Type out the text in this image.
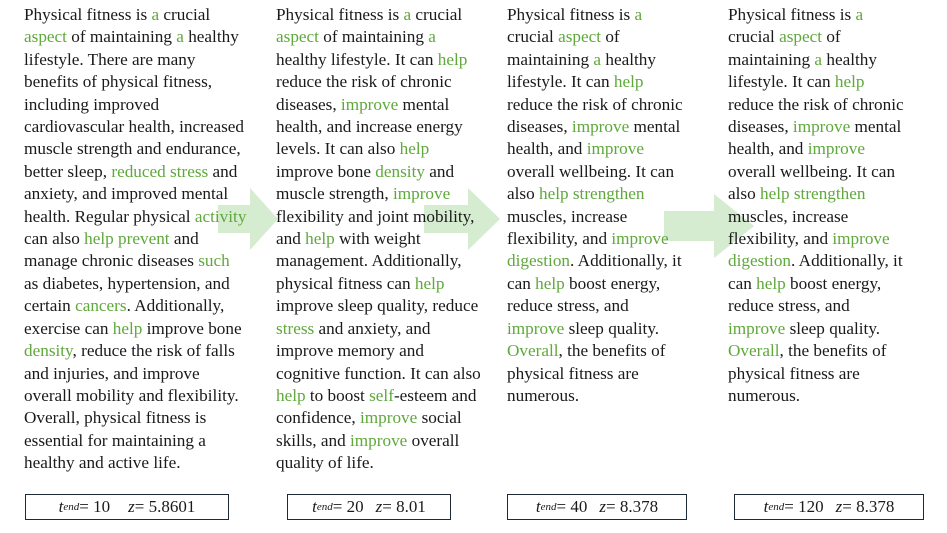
Physical fitness is a crucial
aspect of maintaining a healthy
lifestyle. There are many
benefits of physical fitness,
including improved
cardiovascular health, increased
muscle strength and endurance,
better sleep, reduced stress and
anxiety, and improved mental
health. Regular physical activity
can also help prevent and
manage chronic diseases such
as diabetes, hypertension, and
certain cancers. Additionally,
exercise can help improve bone
density, reduce the risk of falls
and injuries, and improve
overall mobility and flexibility.
Overall, physical fitness is
essential for maintaining a
healthy and active life.
Physical fitness is a crucial
aspect of maintaining a
healthy lifestyle. It can help
reduce the risk of chronic
diseases, improve mental
health, and increase energy
levels. It can also help
improve bone density and
muscle strength, improve
flexibility and joint mobility,
and help with weight
management. Additionally,
physical fitness can help
improve sleep quality, reduce
stress and anxiety, and
improve memory and
cognitive function. It can also
help to boost self-esteem and
confidence, improve social
skills, and improve overall
quality of life.
Physical fitness is a
crucial aspect of
maintaining a healthy
lifestyle. It can help
reduce the risk of chronic
diseases, improve mental
health, and improve
overall wellbeing. It can
also help strengthen
muscles, increase
flexibility, and improve
digestion. Additionally, it
can help boost energy,
reduce stress, and
improve sleep quality.
Overall, the benefits of
physical fitness are
numerous.
Physical fitness is a
crucial aspect of
maintaining a healthy
lifestyle. It can help
reduce the risk of chronic
diseases, improve mental
health, and improve
overall wellbeing. It can
also help strengthen
muscles, increase
flexibility, and improve
digestion. Additionally, it
can help boost energy,
reduce stress, and
improve sleep quality.
Overall, the benefits of
physical fitness are
numerous.
t end = 10 z = 5.8601	t end = 20 z = 8.01	t end = 40 z = 8.378	t end = 120 z = 8.378
